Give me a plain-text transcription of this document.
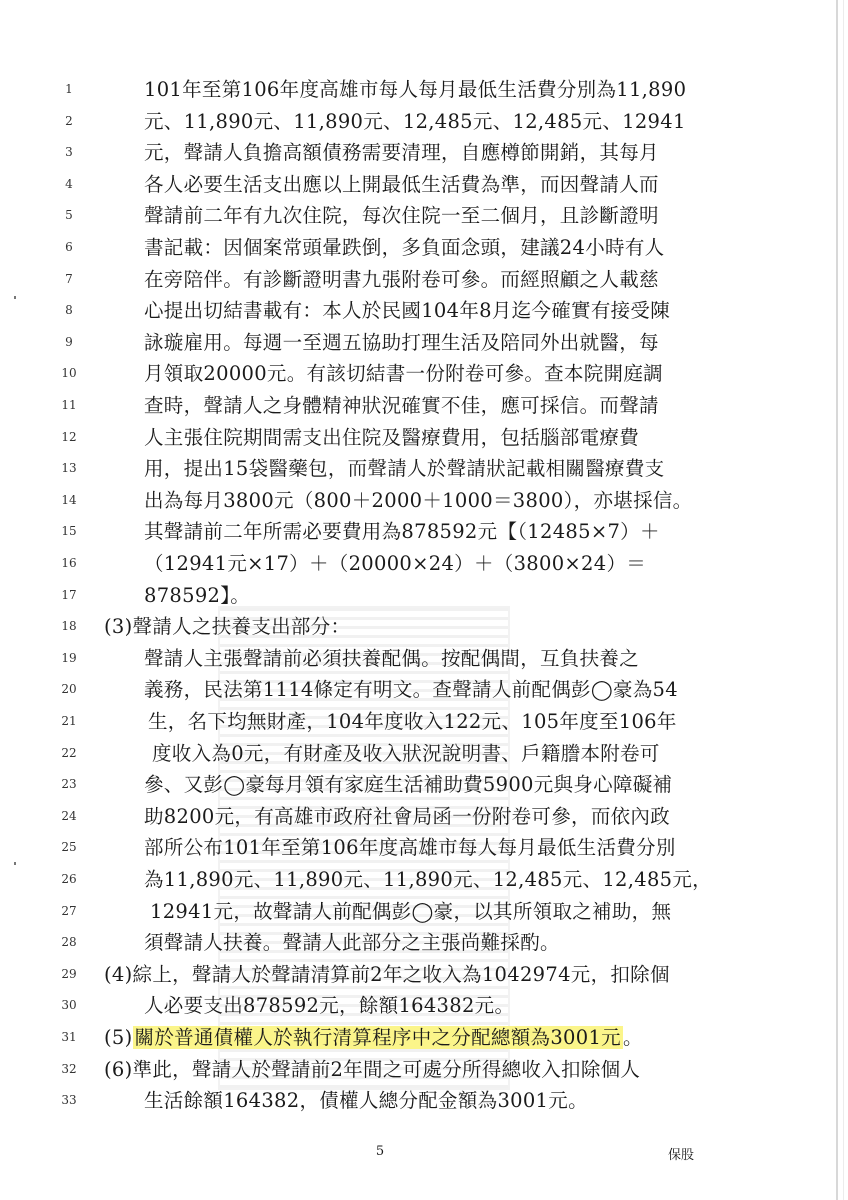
1	101年至第106年度高雄市每人每月最低生活費分別為11,890
2	元、11,890元、11,890元、12,485元、12,485元、12941
3	元，聲請人負擔高額債務需要清理，自應樽節開銷，其每月
4	各人必要生活支出應以上開最低生活費為準，而因聲請人而
5	聲請前二年有九次住院，每次住院一至二個月，且診斷證明
6	書記載：因個案常頭暈跌倒，多負面念頭，建議24小時有人
7	在旁陪伴。有診斷證明書九張附卷可參。而經照顧之人載慈
8	心提出切結書載有：本人於民國104年8月迄今確實有接受陳
9	詠璇雇用。每週一至週五協助打理生活及陪同外出就醫，每
10	月領取20000元。有該切結書一份附卷可參。查本院開庭調
11	查時，聲請人之身體精神狀況確實不佳，應可採信。而聲請
12	人主張住院期間需支出住院及醫療費用，包括腦部電療費
13	用，提出15袋醫藥包，而聲請人於聲請狀記載相關醫療費支
14	出為每月3800元（800＋2000＋1000＝3800），亦堪採信。
15	其聲請前二年所需必要費用為878592元【（12485×7）＋
16	（12941元×17）＋（20000×24）＋（3800×24）＝
17	878592】。
18	(3)聲請人之扶養支出部分：
19	聲請人主張聲請前必須扶養配偶。按配偶間，互負扶養之
20	義務，民法第1114條定有明文。查聲請人前配偶彭◯豪為54
21	生，名下均無財產，104年度收入122元、105年度至106年
22	度收入為0元，有財產及收入狀況說明書、戶籍謄本附卷可
23	參、又彭◯豪每月領有家庭生活補助費5900元與身心障礙補
24	助8200元，有高雄市政府社會局函一份附卷可參，而依內政
25	部所公布101年至第106年度高雄市每人每月最低生活費分別
26	為11,890元、11,890元、11,890元、12,485元、12,485元，
27	12941元，故聲請人前配偶彭◯豪，以其所領取之補助，無
28	須聲請人扶養。聲請人此部分之主張尚難採酌。
29	(4)綜上，聲請人於聲請清算前2年之收入為1042974元，扣除個
30	人必要支出878592元，餘額164382元。
31	(5) 關於普通債權人於執行清算程序中之分配總額為3001元 。
32	(6)準此，聲請人於聲請前2年間之可處分所得總收入扣除個人
33	生活餘額164382，債權人總分配金額為3001元。
5	保股
